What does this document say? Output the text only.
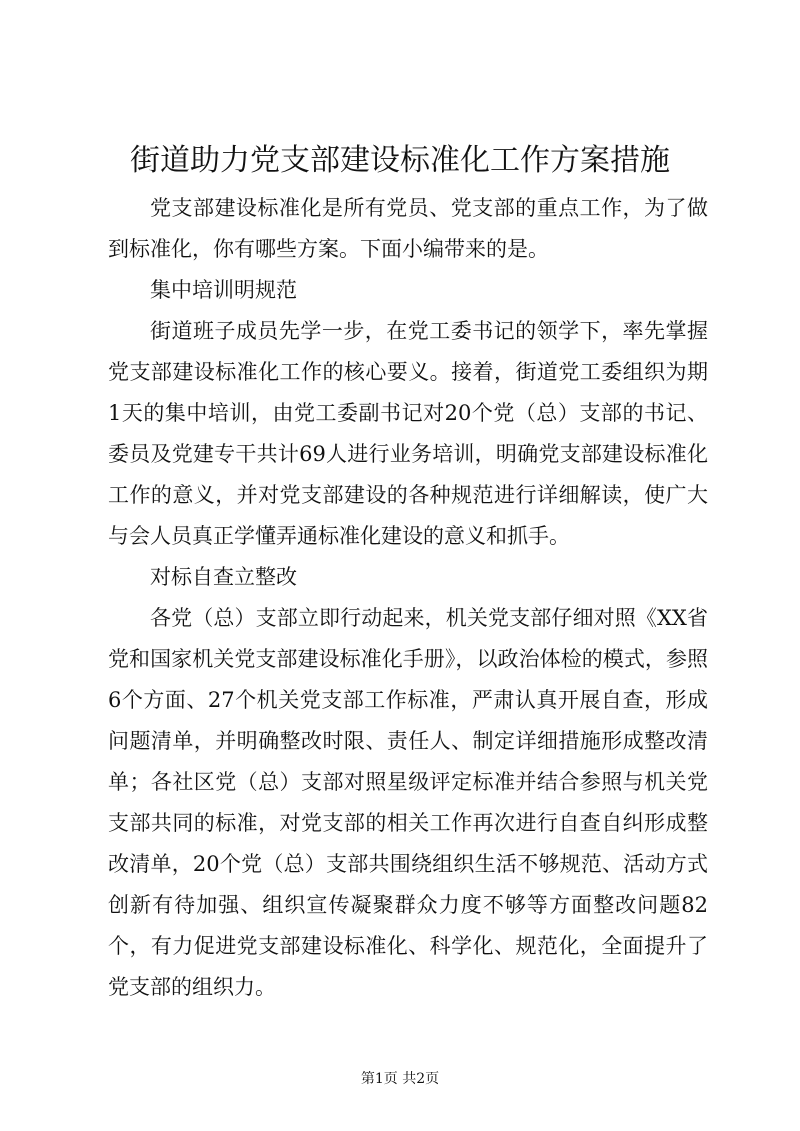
街道助力党支部建设标准化工作方案措施

党支部建设标准化是所有党员、党支部的重点工作，为了做到标准化，你有哪些方案。下面小编带来的是。

集中培训明规范

街道班子成员先学一步，在党工委书记的领学下，率先掌握党支部建设标准化工作的核心要义。接着，街道党工委组织为期1天的集中培训，由党工委副书记对20个党（总）支部的书记、委员及党建专干共计69人进行业务培训，明确党支部建设标准化工作的意义，并对党支部建设的各种规范进行详细解读，使广大与会人员真正学懂弄通标准化建设的意义和抓手。

对标自查立整改

各党（总）支部立即行动起来，机关党支部仔细对照《XX省党和国家机关党支部建设标准化手册》，以政治体检的模式，参照6个方面、27个机关党支部工作标准，严肃认真开展自查，形成问题清单，并明确整改时限、责任人、制定详细措施形成整改清单；各社区党（总）支部对照星级评定标准并结合参照与机关党支部共同的标准，对党支部的相关工作再次进行自查自纠形成整改清单，20个党（总）支部共围绕组织生活不够规范、活动方式创新有待加强、组织宣传凝聚群众力度不够等方面整改问题82个，有力促进党支部建设标准化、科学化、规范化，全面提升了党支部的组织力。

第1页 共2页
